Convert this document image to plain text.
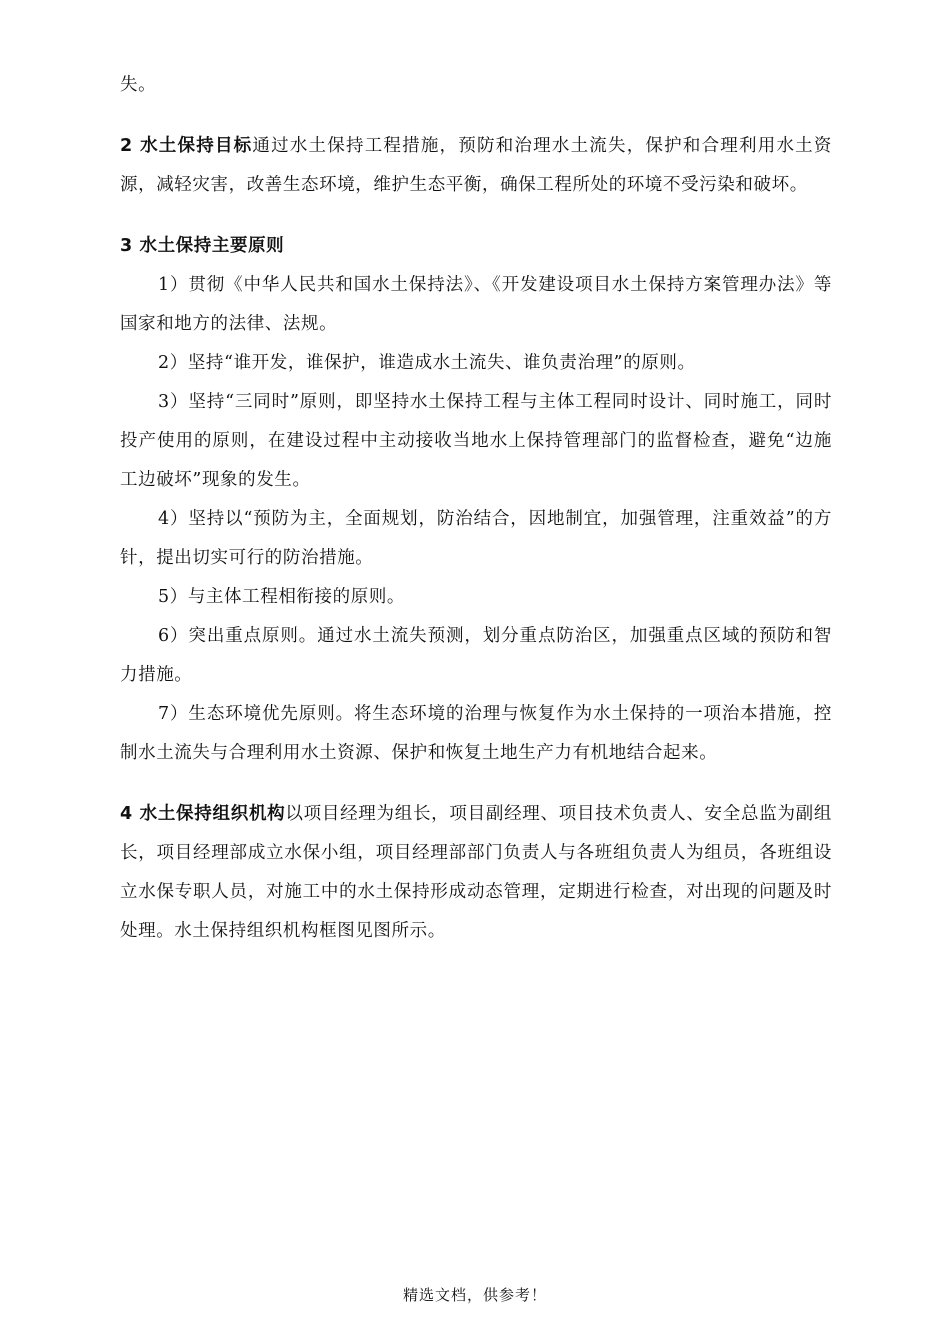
失。

2 水土保持目标通过水土保持工程措施，预防和治理水土流失，保护和合理利用水土资源，减轻灾害，改善生态环境，维护生态平衡，确保工程所处的环境不受污染和破坏。

3 水土保持主要原则

1）贯彻《中华人民共和国水土保持法》、《开发建设项目水土保持方案管理办法》等国家和地方的法律、法规。

2）坚持“谁开发，谁保护，谁造成水土流失、谁负责治理”的原则。

3）坚持“三同时”原则，即坚持水土保持工程与主体工程同时设计、同时施工，同时投产使用的原则，在建设过程中主动接收当地水上保持管理部门的监督检查，避免“边施工边破坏”现象的发生。

4）坚持以“预防为主，全面规划，防治结合，因地制宜，加强管理，注重效益”的方针，提出切实可行的防治措施。

5）与主体工程相衔接的原则。

6）突出重点原则。通过水土流失预测，划分重点防治区，加强重点区域的预防和智力措施。

7）生态环境优先原则。将生态环境的治理与恢复作为水土保持的一项治本措施，控制水土流失与合理利用水土资源、保护和恢复土地生产力有机地结合起来。

4 水土保持组织机构以项目经理为组长，项目副经理、项目技术负责人、安全总监为副组长，项目经理部成立水保小组，项目经理部部门负责人与各班组负责人为组员，各班组设立水保专职人员，对施工中的水土保持形成动态管理，定期进行检查，对出现的问题及时处理。水土保持组织机构框图见图所示。

精选文档，供参考！
